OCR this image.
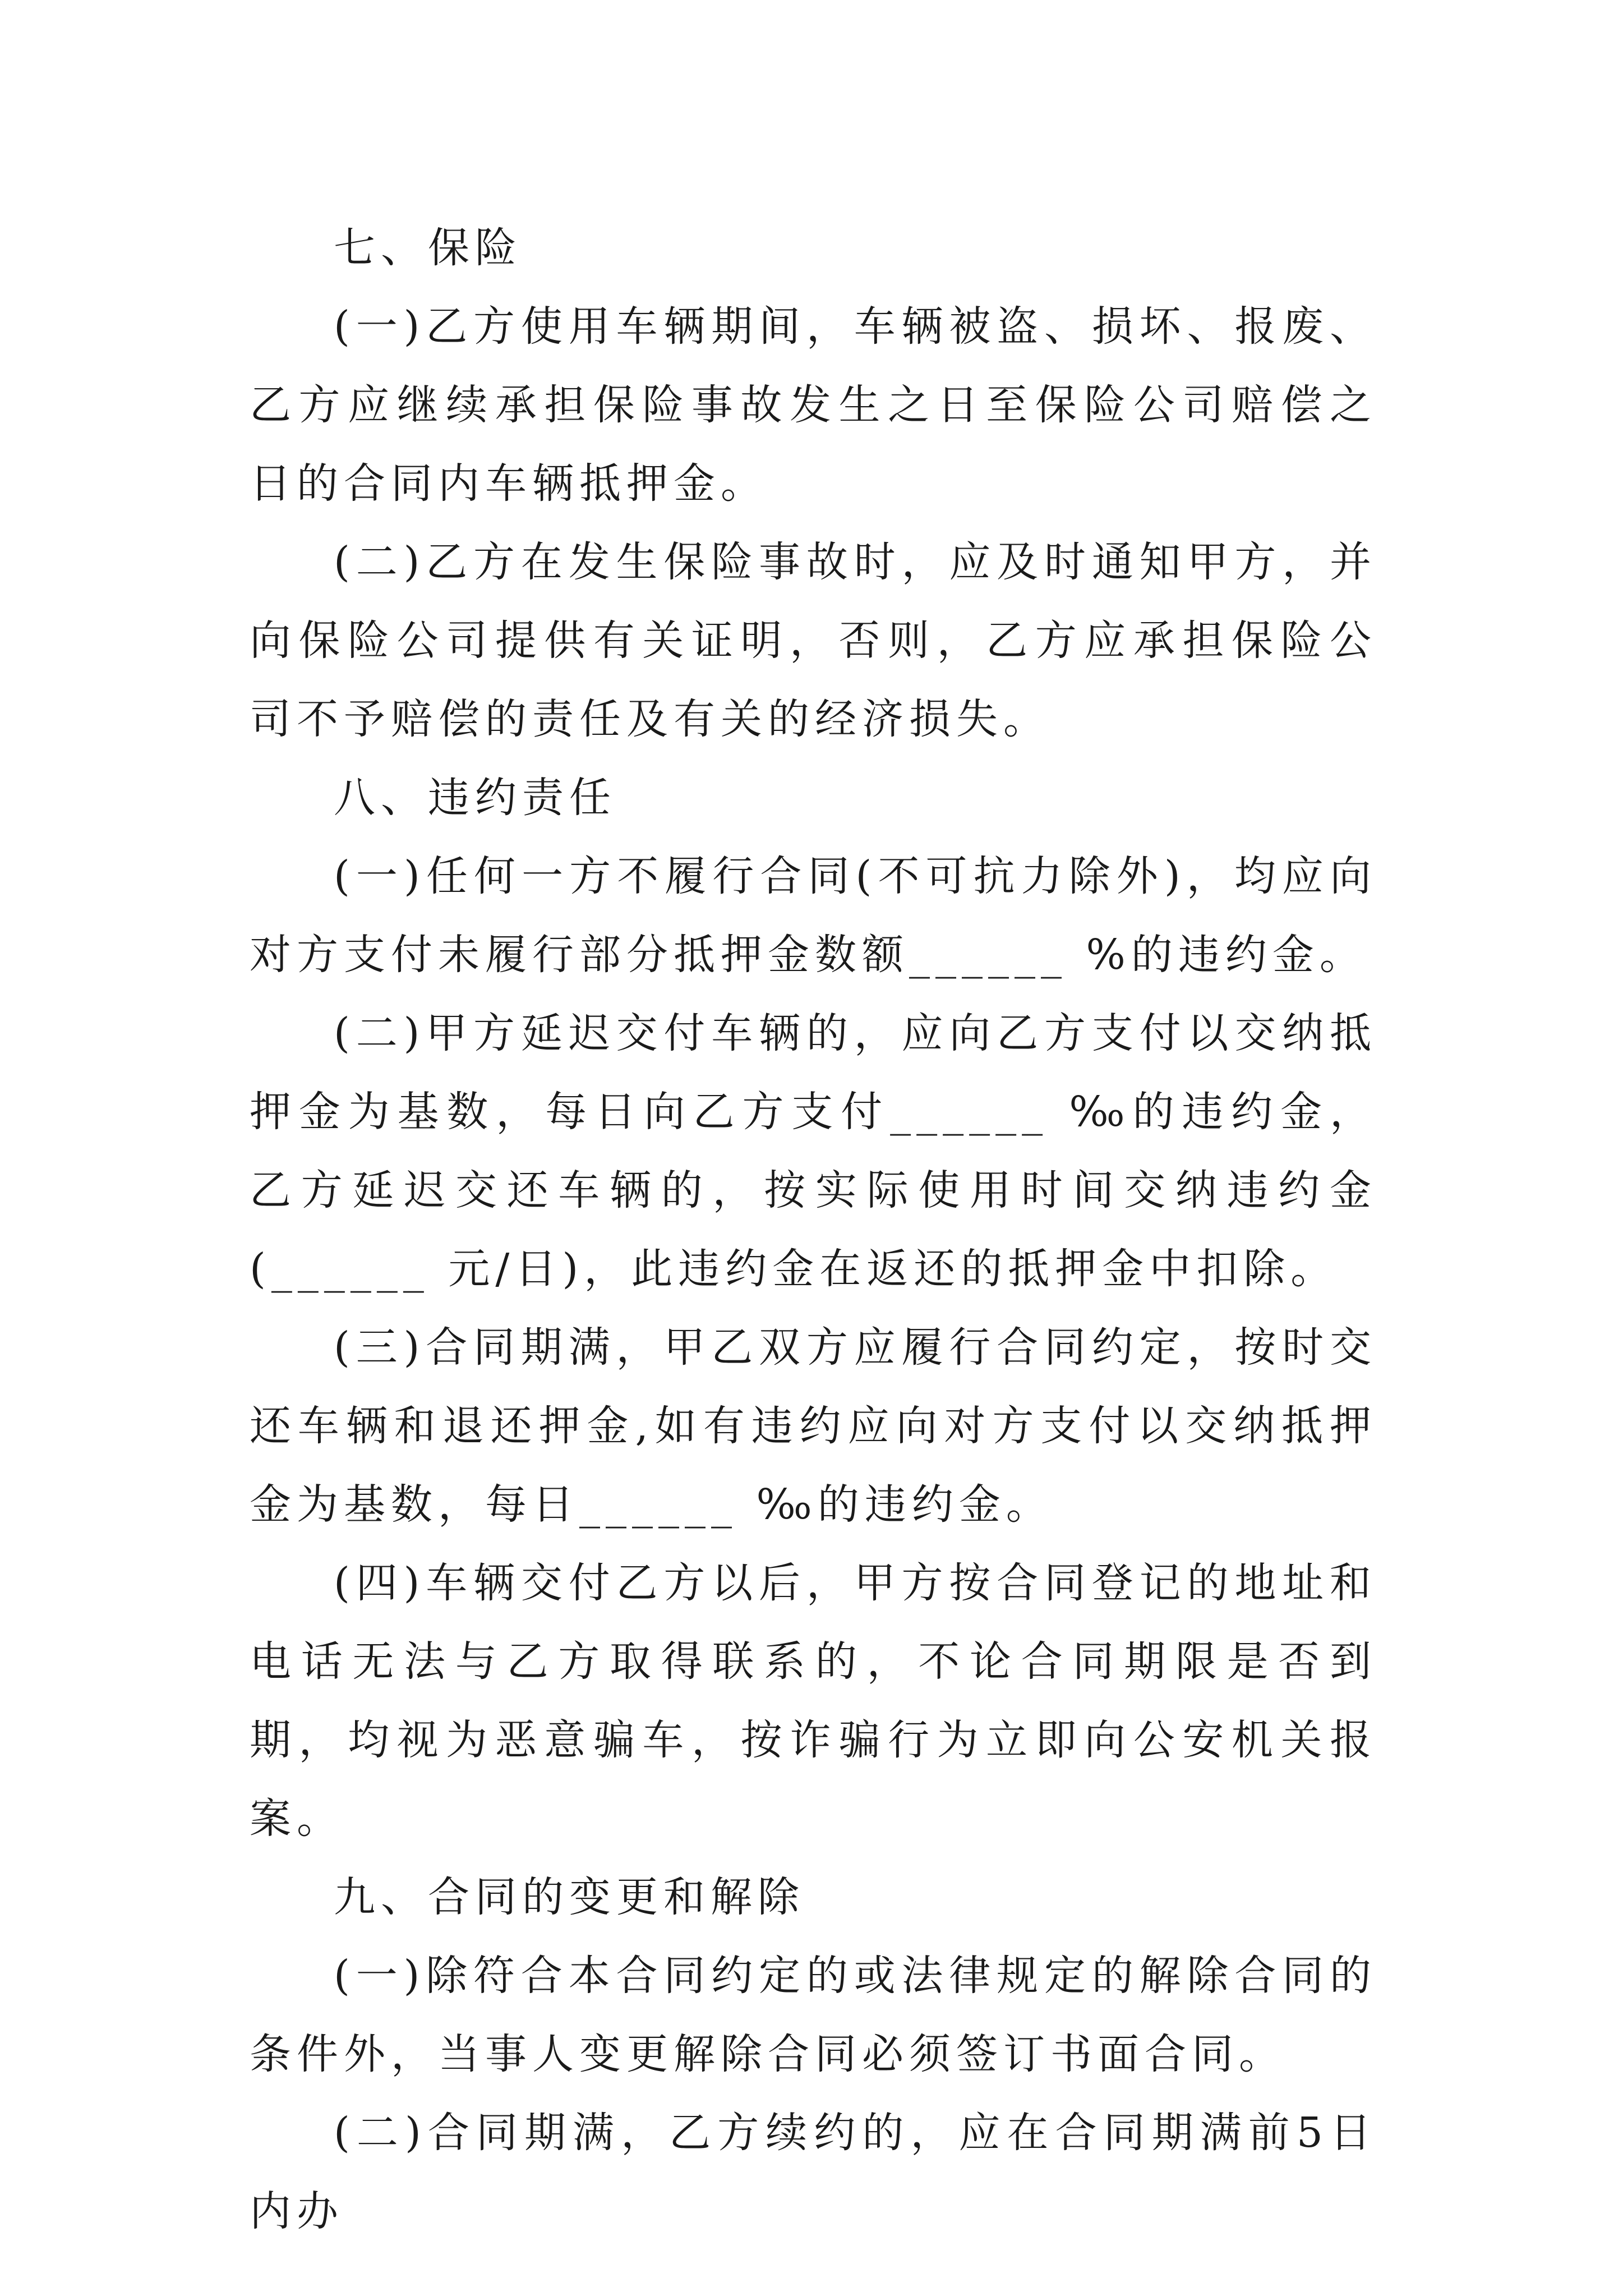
七、保险

(一)乙方使用车辆期间，车辆被盗、损坏、报废、乙方应继续承担保险事故发生之日至保险公司赔偿之日的合同内车辆抵押金。

(二)乙方在发生保险事故时，应及时通知甲方，并向保险公司提供有关证明，否则，乙方应承担保险公司不予赔偿的责任及有关的经济损失。

八、违约责任

(一)任何一方不履行合同(不可抗力除外)，均应向对方支付未履行部分抵押金数额______ %的违约金。

(二)甲方延迟交付车辆的，应向乙方支付以交纳抵押金为基数，每日向乙方支付______ ‰的违约金，乙方延迟交还车辆的，按实际使用时间交纳违约金(______ 元/日)，此违约金在返还的抵押金中扣除。

(三)合同期满，甲乙双方应履行合同约定，按时交还车辆和退还押金,如有违约应向对方支付以交纳抵押金为基数，每日______ ‰的违约金。

(四)车辆交付乙方以后，甲方按合同登记的地址和电话无法与乙方取得联系的，不论合同期限是否到期，均视为恶意骗车，按诈骗行为立即向公安机关报案。

九、合同的变更和解除

(一)除符合本合同约定的或法律规定的解除合同的条件外，当事人变更解除合同必须签订书面合同。

(二)合同期满，乙方续约的，应在合同期满前5日内办
